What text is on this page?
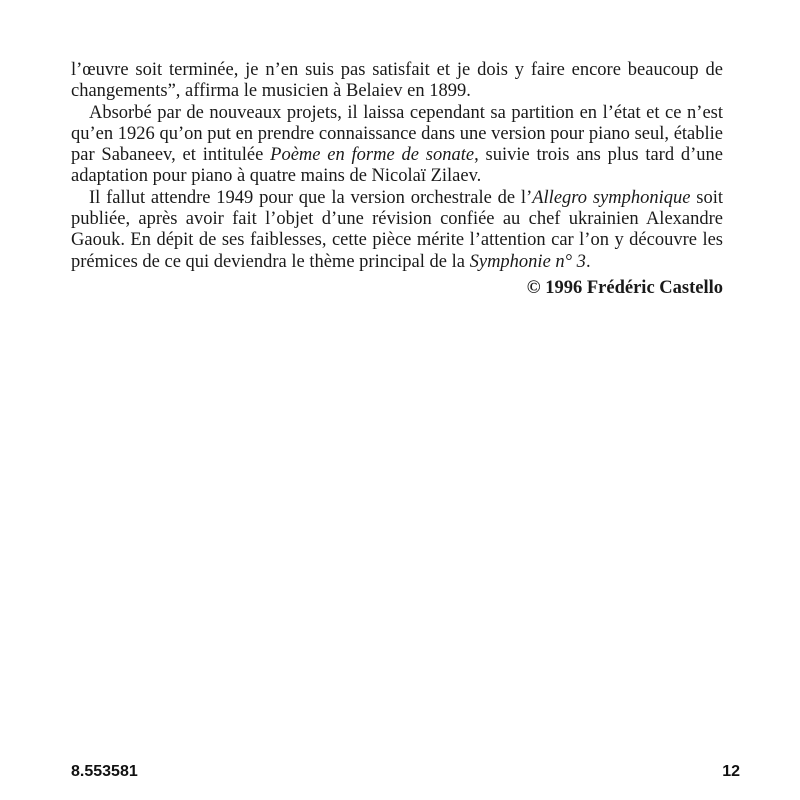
l’œuvre soit terminée, je n’en suis pas satisfait et je dois y faire encore beaucoup de changements”, affirma le musicien à Belaiev en 1899.

Absorbé par de nouveaux projets, il laissa cependant sa partition en l’état et ce n’est qu’en 1926 qu’on put en prendre connaissance dans une version pour piano seul, établie par Sabaneev, et intitulée Poème en forme de sonate, suivie trois ans plus tard d’une adaptation pour piano à quatre mains de Nicolaï Zilaev.

Il fallut attendre 1949 pour que la version orchestrale de l’Allegro symphonique soit publiée, après avoir fait l’objet d’une révision confiée au chef ukrainien Alexandre Gaouk. En dépit de ses faiblesses, cette pièce mérite l’attention car l’on y découvre les prémices de ce qui deviendra le thème principal de la Symphonie n° 3.

© 1996 Frédéric Castello
8.553581	12
